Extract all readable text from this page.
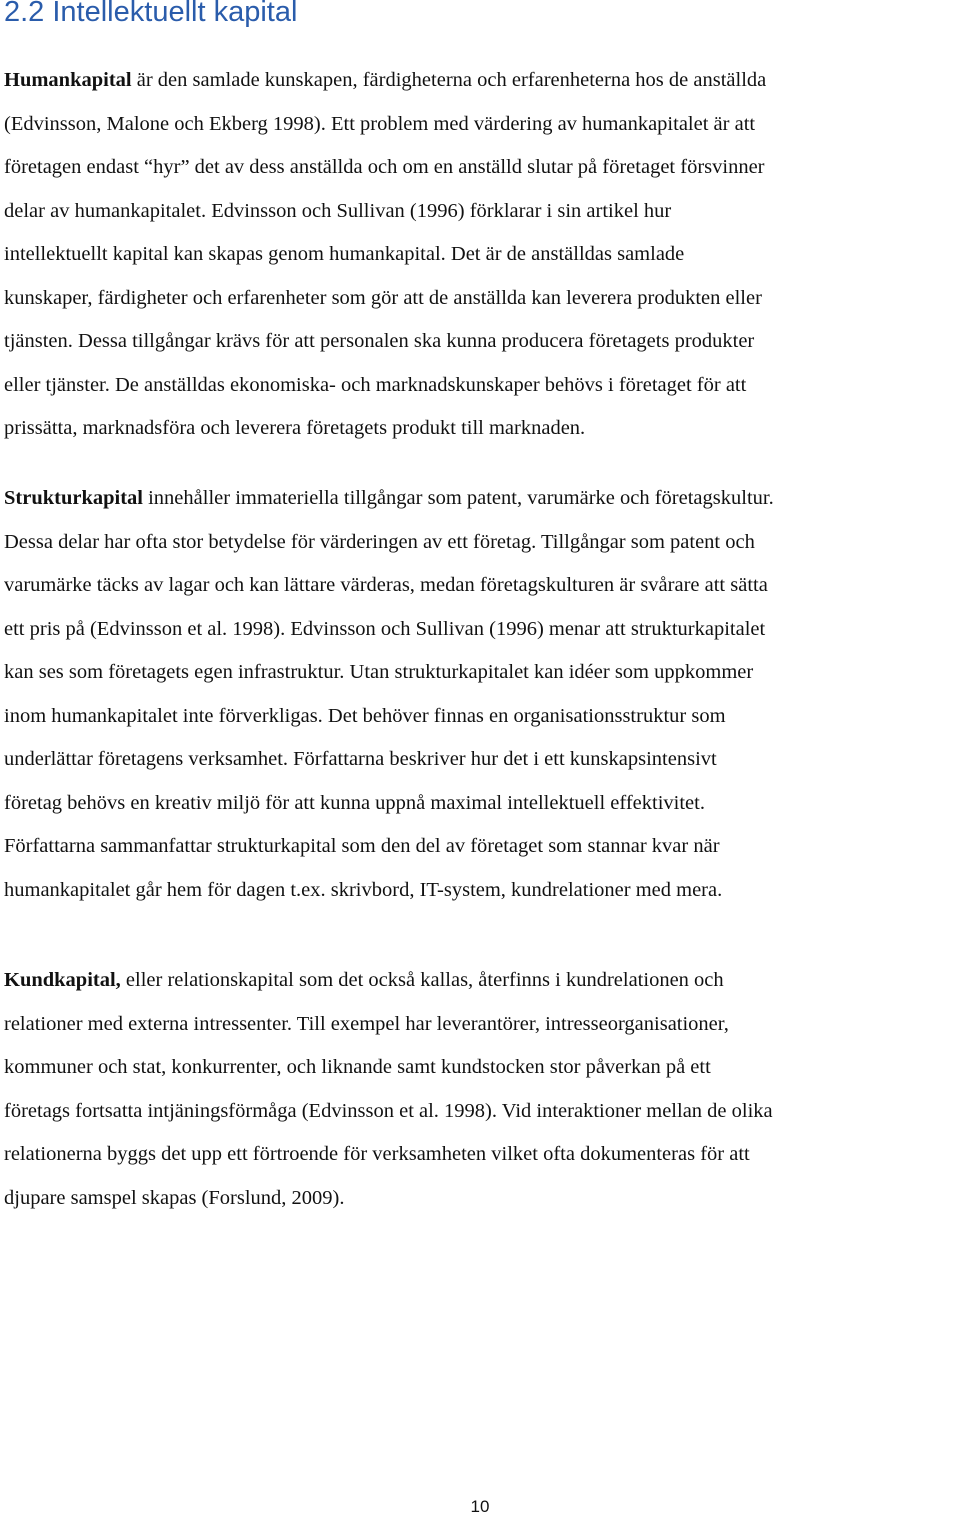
2.2 Intellektuellt kapital

Humankapital är den samlade kunskapen, färdigheterna och erfarenheterna hos de anställda
(Edvinsson, Malone och Ekberg 1998). Ett problem med värdering av humankapitalet är att
företagen endast “hyr” det av dess anställda och om en anställd slutar på företaget försvinner
delar av humankapitalet. Edvinsson och Sullivan (1996) förklarar i sin artikel hur
intellektuellt kapital kan skapas genom humankapital. Det är de anställdas samlade
kunskaper, färdigheter och erfarenheter som gör att de anställda kan leverera produkten eller
tjänsten. Dessa tillgångar krävs för att personalen ska kunna producera företagets produkter
eller tjänster. De anställdas ekonomiska- och marknadskunskaper behövs i företaget för att
prissätta, marknadsföra och leverera företagets produkt till marknaden.

Strukturkapital innehåller immateriella tillgångar som patent, varumärke och företagskultur.
Dessa delar har ofta stor betydelse för värderingen av ett företag. Tillgångar som patent och
varumärke täcks av lagar och kan lättare värderas, medan företagskulturen är svårare att sätta
ett pris på (Edvinsson et al. 1998). Edvinsson och Sullivan (1996) menar att strukturkapitalet
kan ses som företagets egen infrastruktur. Utan strukturkapitalet kan idéer som uppkommer
inom humankapitalet inte förverkligas. Det behöver finnas en organisationsstruktur som
underlättar företagens verksamhet. Författarna beskriver hur det i ett kunskapsintensivt
företag behövs en kreativ miljö för att kunna uppnå maximal intellektuell effektivitet.
Författarna sammanfattar strukturkapital som den del av företaget som stannar kvar när
humankapitalet går hem för dagen t.ex. skrivbord, IT-system, kundrelationer med mera.

Kundkapital, eller relationskapital som det också kallas, återfinns i kundrelationen och
relationer med externa intressenter. Till exempel har leverantörer, intresseorganisationer,
kommuner och stat, konkurrenter, och liknande samt kundstocken stor påverkan på ett
företags fortsatta intjäningsförmåga (Edvinsson et al. 1998). Vid interaktioner mellan de olika
relationerna byggs det upp ett förtroende för verksamheten vilket ofta dokumenteras för att
djupare samspel skapas (Forslund, 2009).

10
